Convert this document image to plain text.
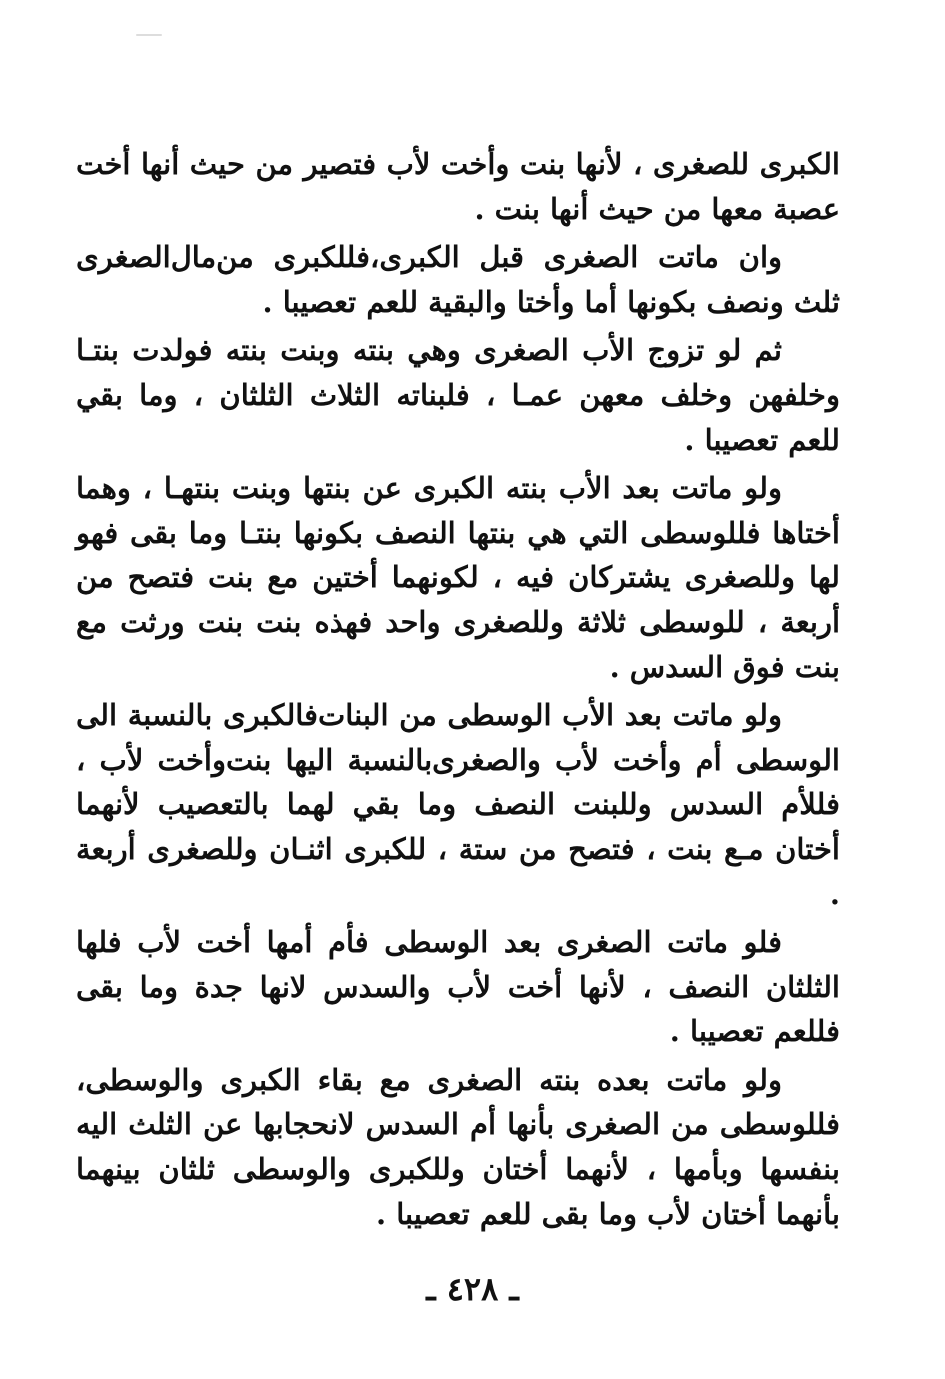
الكبرى للصغرى ، لأنها بنت وأخت لأب فتصير من حيث أنها أخت عصبة معها من حيث أنها بنت .

وان ماتت الصغرى قبل الكبرى،فللكبرى من‌مال‌الصغرى ثلث ونصف بكونها أما وأختا والبقية للعم تعصيبا .

ثم لو تزوج الأب الصغرى وهي بنته وبنت بنته فولدت بنتـا وخلفهن وخلف معهن عمـا ، فلبناته الثلاث الثلثان ، وما بقي للعم تعصيبا .

ولو ماتت بعد الأب بنته الكبرى عن بنتها وبنت بنتهـا ، وهما أختاها فللوسطى التي هي بنتها النصف بكونها بنتـا وما بقى فهو لها وللصغرى يشتركان فيه ، لكونهما أختين مع بنت فتصح من أربعة ، للوسطى ثلاثة وللصغرى واحد فهذه بنت بنت ورثت مع بنت فوق السدس .

ولو ماتت بعد الأب الوسطى من البنات‌فالكبرى بالنسبة الى الوسطى أم وأخت لأب والصغرى‌بالنسبة اليها بنت‌وأخت لأب ، فللأم السدس وللبنت النصف وما بقي لهما بالتعصيب لأنهما أختان مـع بنت ، فتصح من ستة ، للكبرى اثنـان وللصغرى أربعة .

فلو ماتت الصغرى بعد الوسطى فأم أمها أخت لأب فلها الثلثان النصف ، لأنها أخت لأب والسدس لانها جدة وما بقى فللعم تعصيبا .

ولو ماتت بعده بنته الصغرى مع بقاء الكبرى والوسطى، فللوسطى من الصغرى بأنها أم السدس لانحجابها عن الثلث اليه بنفسها وبأمها ، لأنهما أختان وللكبرى والوسطى ثلثان بينهما بأنهما أختان لأب وما بقى للعم تعصيبا .

ـ ٤٢٨ ـ
